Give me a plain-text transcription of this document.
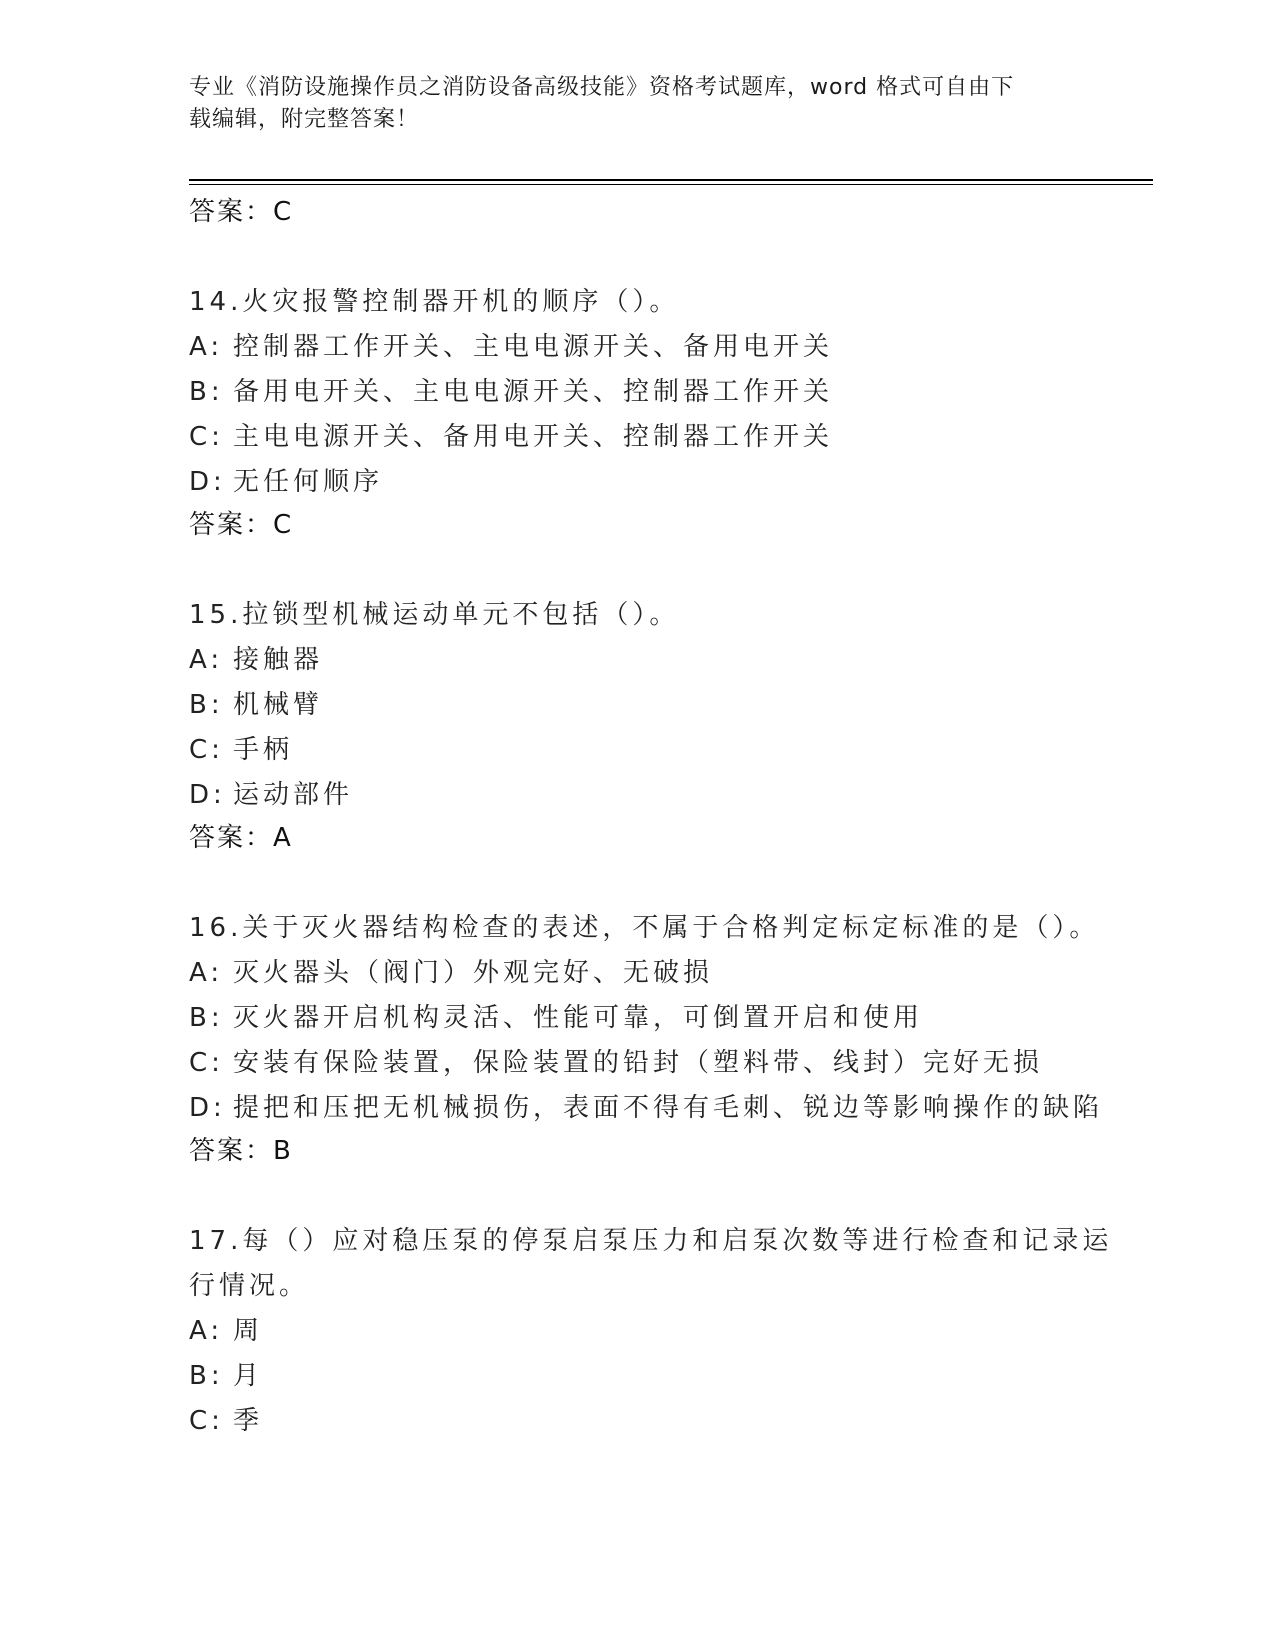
专业《消防设施操作员之消防设备高级技能》资格考试题库，word 格式可自由下
载编辑，附完整答案！
答案：C
14.火灾报警控制器开机的顺序（）。
A: 控制器工作开关、主电电源开关、备用电开关
B: 备用电开关、主电电源开关、控制器工作开关
C: 主电电源开关、备用电开关、控制器工作开关
D: 无任何顺序
答案：C
15.拉锁型机械运动单元不包括（）。
A: 接触器
B: 机械臂
C: 手柄
D: 运动部件
答案：A
16.关于灭火器结构检查的表述，不属于合格判定标定标准的是（）。
A: 灭火器头（阀门）外观完好、无破损
B: 灭火器开启机构灵活、性能可靠，可倒置开启和使用
C: 安装有保险装置，保险装置的铅封（塑料带、线封）完好无损
D: 提把和压把无机械损伤，表面不得有毛刺、锐边等影响操作的缺陷
答案：B
17.每（）应对稳压泵的停泵启泵压力和启泵次数等进行检查和记录运
行情况。
A: 周
B: 月
C: 季
